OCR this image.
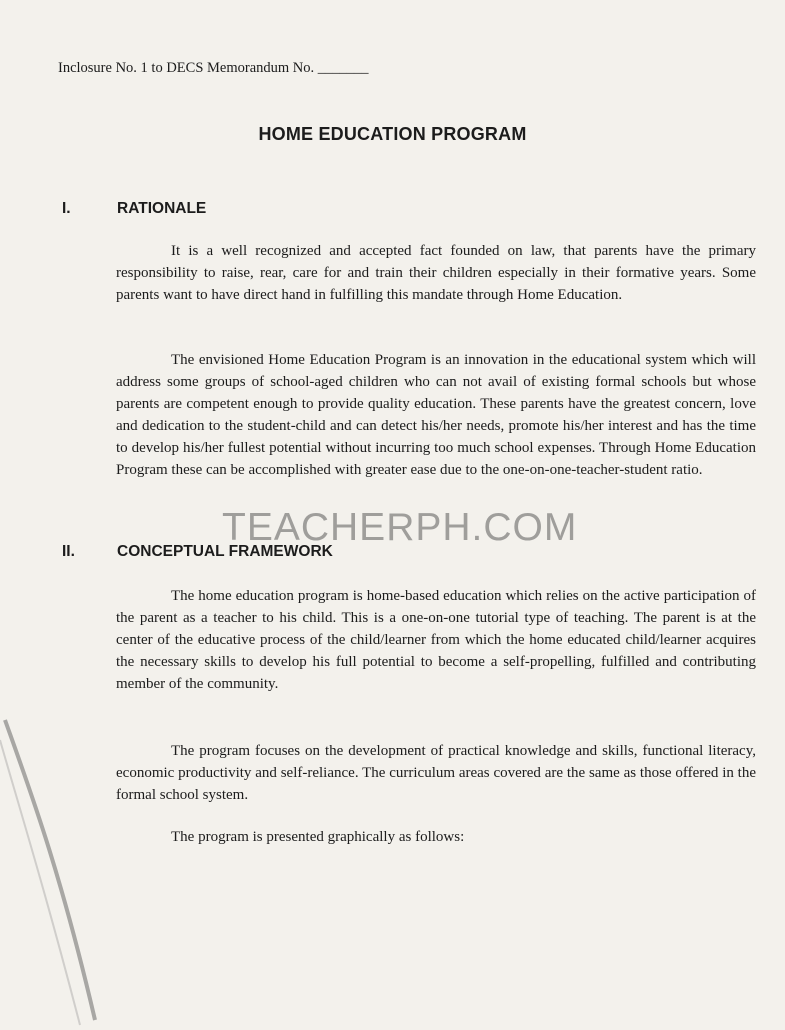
Inclosure No. 1 to DECS Memorandum No. _______
HOME EDUCATION PROGRAM
I.	RATIONALE
It is a well recognized and accepted fact founded on law, that parents have the primary responsibility to raise, rear, care for and train their children especially in their formative years. Some parents want to have direct hand in fulfilling this mandate through Home Education.
The envisioned Home Education Program is an innovation in the educational system which will address some groups of school-aged children who can not avail of existing formal schools but whose parents are competent enough to provide quality education. These parents have the greatest concern, love and dedication to the student-child and can detect his/her needs, promote his/her interest and has the time to develop his/her fullest potential without incurring too much school expenses. Through Home Education Program these can be accomplished with greater ease due to the one-on-one-teacher-student ratio.
II.	CONCEPTUAL FRAMEWORK
The home education program is home-based education which relies on the active participation of the parent as a teacher to his child. This is a one-on-one tutorial type of teaching. The parent is at the center of the educative process of the child/learner from which the home educated child/learner acquires the necessary skills to develop his full potential to become a self-propelling, fulfilled and contributing member of the community.
The program focuses on the development of practical knowledge and skills, functional literacy, economic productivity and self-reliance. The curriculum areas covered are the same as those offered in the formal school system.
The program is presented graphically as follows:
TEACHERPH.COM
